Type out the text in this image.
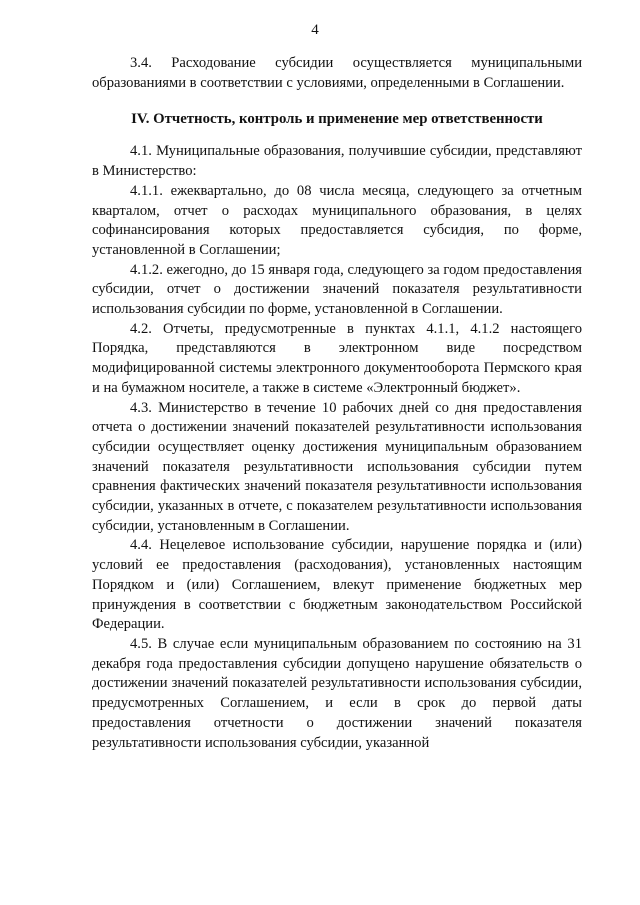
4

3.4. Расходование субсидии осуществляется муниципальными образованиями в соответствии с условиями, определенными в Соглашении.

IV. Отчетность, контроль и применение мер ответственности

4.1. Муниципальные образования, получившие субсидии, представляют в Министерство:

4.1.1. ежеквартально, до 08 числа месяца, следующего за отчетным кварталом, отчет о расходах муниципального образования, в целях софинансирования которых предоставляется субсидия, по форме, установленной в Соглашении;

4.1.2. ежегодно, до 15 января года, следующего за годом предоставления субсидии, отчет о достижении значений показателя результативности использования субсидии по форме, установленной в Соглашении.

4.2. Отчеты, предусмотренные в пунктах 4.1.1, 4.1.2 настоящего Порядка, представляются в электронном виде посредством модифицированной системы электронного документооборота Пермского края и на бумажном носителе, а также в системе «Электронный бюджет».

4.3. Министерство в течение 10 рабочих дней со дня предоставления отчета о достижении значений показателей результативности использования субсидии осуществляет оценку достижения муниципальным образованием значений показателя результативности использования субсидии путем сравнения фактических значений показателя результативности использования субсидии, указанных в отчете, с показателем результативности использования субсидии, установленным в Соглашении.

4.4. Нецелевое использование субсидии, нарушение порядка и (или) условий ее предоставления (расходования), установленных настоящим Порядком и (или) Соглашением, влекут применение бюджетных мер принуждения в соответствии с бюджетным законодательством Российской Федерации.

4.5. В случае если муниципальным образованием по состоянию на 31 декабря года предоставления субсидии допущено нарушение обязательств о достижении значений показателей результативности использования субсидии, предусмотренных Соглашением, и если в срок до первой даты предоставления отчетности о достижении значений показателя результативности использования субсидии, указанной
